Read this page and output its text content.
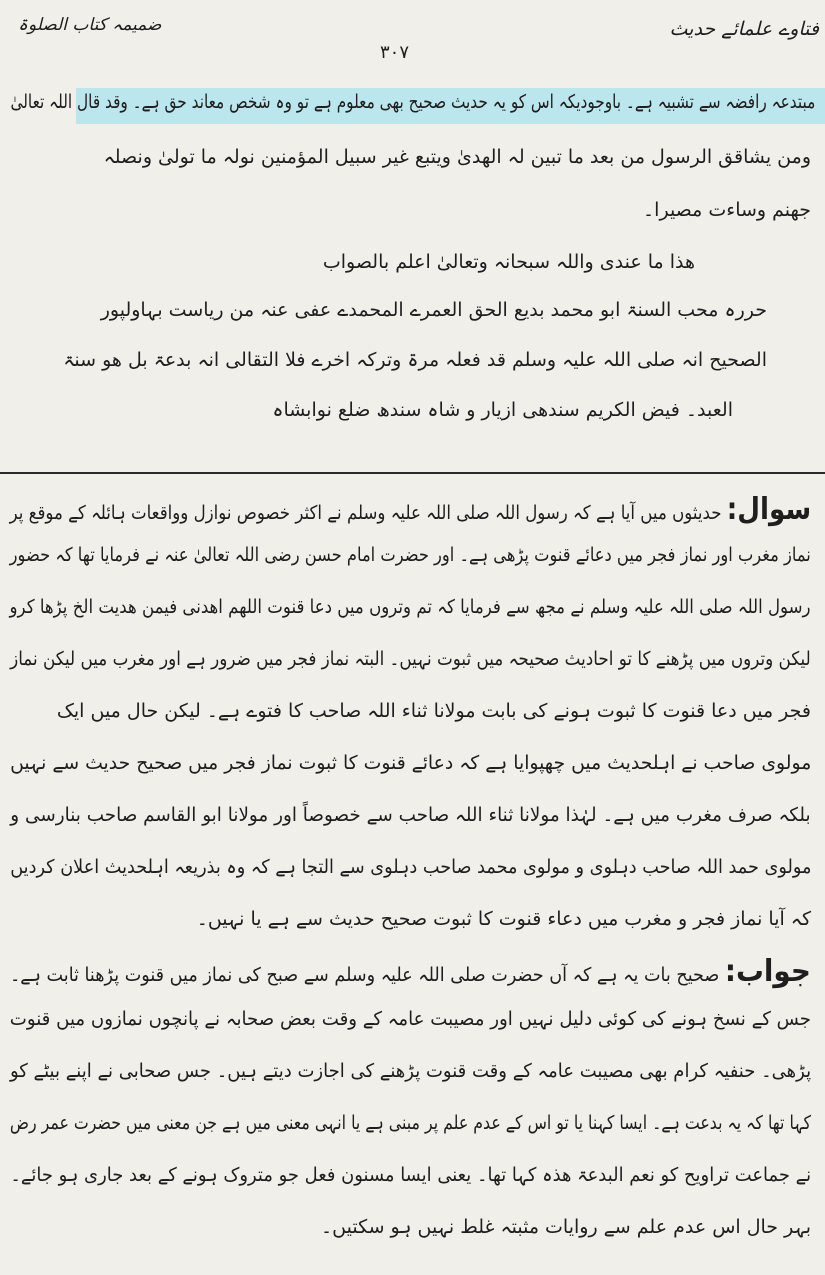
فتاوے علمائے حدیث
ضمیمہ کتاب الصلوۃ
۳۰۷
مبتدعہ رافضہ سے تشبیہ ہے۔ باوجودیکہ اس کو یہ حدیث صحیح بھی معلوم ہے تو وہ شخص معاند حق ہے۔ وقد قال اللہ تعالیٰ
ومن یشاقق الرسول من بعد ما تبین لہ الھدیٰ ویتبع غیر سبیل المؤمنین نولہ ما تولیٰ ونصلہ
جھنم وساءت مصیرا۔
ھذا ما عندی واللہ سبحانہ وتعالیٰ اعلم بالصواب
حررہ محب السنۃ ابو محمد بدیع الحق العمرے المحمدے عفی عنہ من ریاست بہاولپور
الصحیح انہ صلی اللہ علیہ وسلم قد فعلہ مرۃ وترکہ اخرے فلا التقالی انہ بدعۃ بل ھو سنۃ
العبد۔ فیض الکریم سندھی ازیار و شاہ سندھ ضلع نوابشاہ
سوال:حدیثوں میں آیا ہے کہ رسول اللہ صلی اللہ علیہ وسلم نے اکثر خصوص نوازل وواقعات ہائلہ کے موقع پر
نماز مغرب اور نماز فجر میں دعائے قنوت پڑھی ہے۔ اور حضرت امام حسن رضی اللہ تعالیٰ عنہ نے فرمایا تھا کہ حضور
رسول اللہ صلی اللہ علیہ وسلم نے مجھ سے فرمایا کہ تم وتروں میں دعا قنوت اللھم اھدنی فیمن ھدیت الخ پڑھا کرو
لیکن وتروں میں پڑھنے کا تو احادیث صحیحہ میں ثبوت نہیں۔ البتہ نماز فجر میں ضرور ہے اور مغرب میں لیکن نماز
فجر میں دعا قنوت کا ثبوت ہونے کی بابت مولانا ثناء اللہ صاحب کا فتوے ہے۔ لیکن حال میں ایک
مولوی صاحب نے اہلحدیث میں چھپوایا ہے کہ دعائے قنوت کا ثبوت نماز فجر میں صحیح حدیث سے نہیں
بلکہ صرف مغرب میں ہے۔ لہٰذا مولانا ثناء اللہ صاحب سے خصوصاً اور مولانا ابو القاسم صاحب بنارسی و
مولوی حمد اللہ صاحب دہلوی و مولوی محمد صاحب دہلوی سے التجا ہے کہ وہ بذریعہ اہلحدیث اعلان کردیں
کہ آیا نماز فجر و مغرب میں دعاء قنوت کا ثبوت صحیح حدیث سے ہے یا نہیں۔
جواب:صحیح بات یہ ہے کہ آں حضرت صلی اللہ علیہ وسلم سے صبح کی نماز میں قنوت پڑھنا ثابت ہے۔
جس کے نسخ ہونے کی کوئی دلیل نہیں اور مصیبت عامہ کے وقت بعض صحابہ نے پانچوں نمازوں میں قنوت
پڑھی۔ حنفیہ کرام بھی مصیبت عامہ کے وقت قنوت پڑھنے کی اجازت دیتے ہیں۔ جس صحابی نے اپنے بیٹے کو
کہا تھا کہ یہ بدعت ہے۔ ایسا کہنا یا تو اس کے عدم علم پر مبنی ہے یا انہی معنی میں ہے جن معنی میں حضرت عمر رض
نے جماعت تراویح کو نعم البدعۃ ھذہ کہا تھا۔ یعنی ایسا مسنون فعل جو متروک ہونے کے بعد جاری ہو جائے۔
بہر حال اس عدم علم سے روایات مثبتہ غلط نہیں ہو سکتیں۔
